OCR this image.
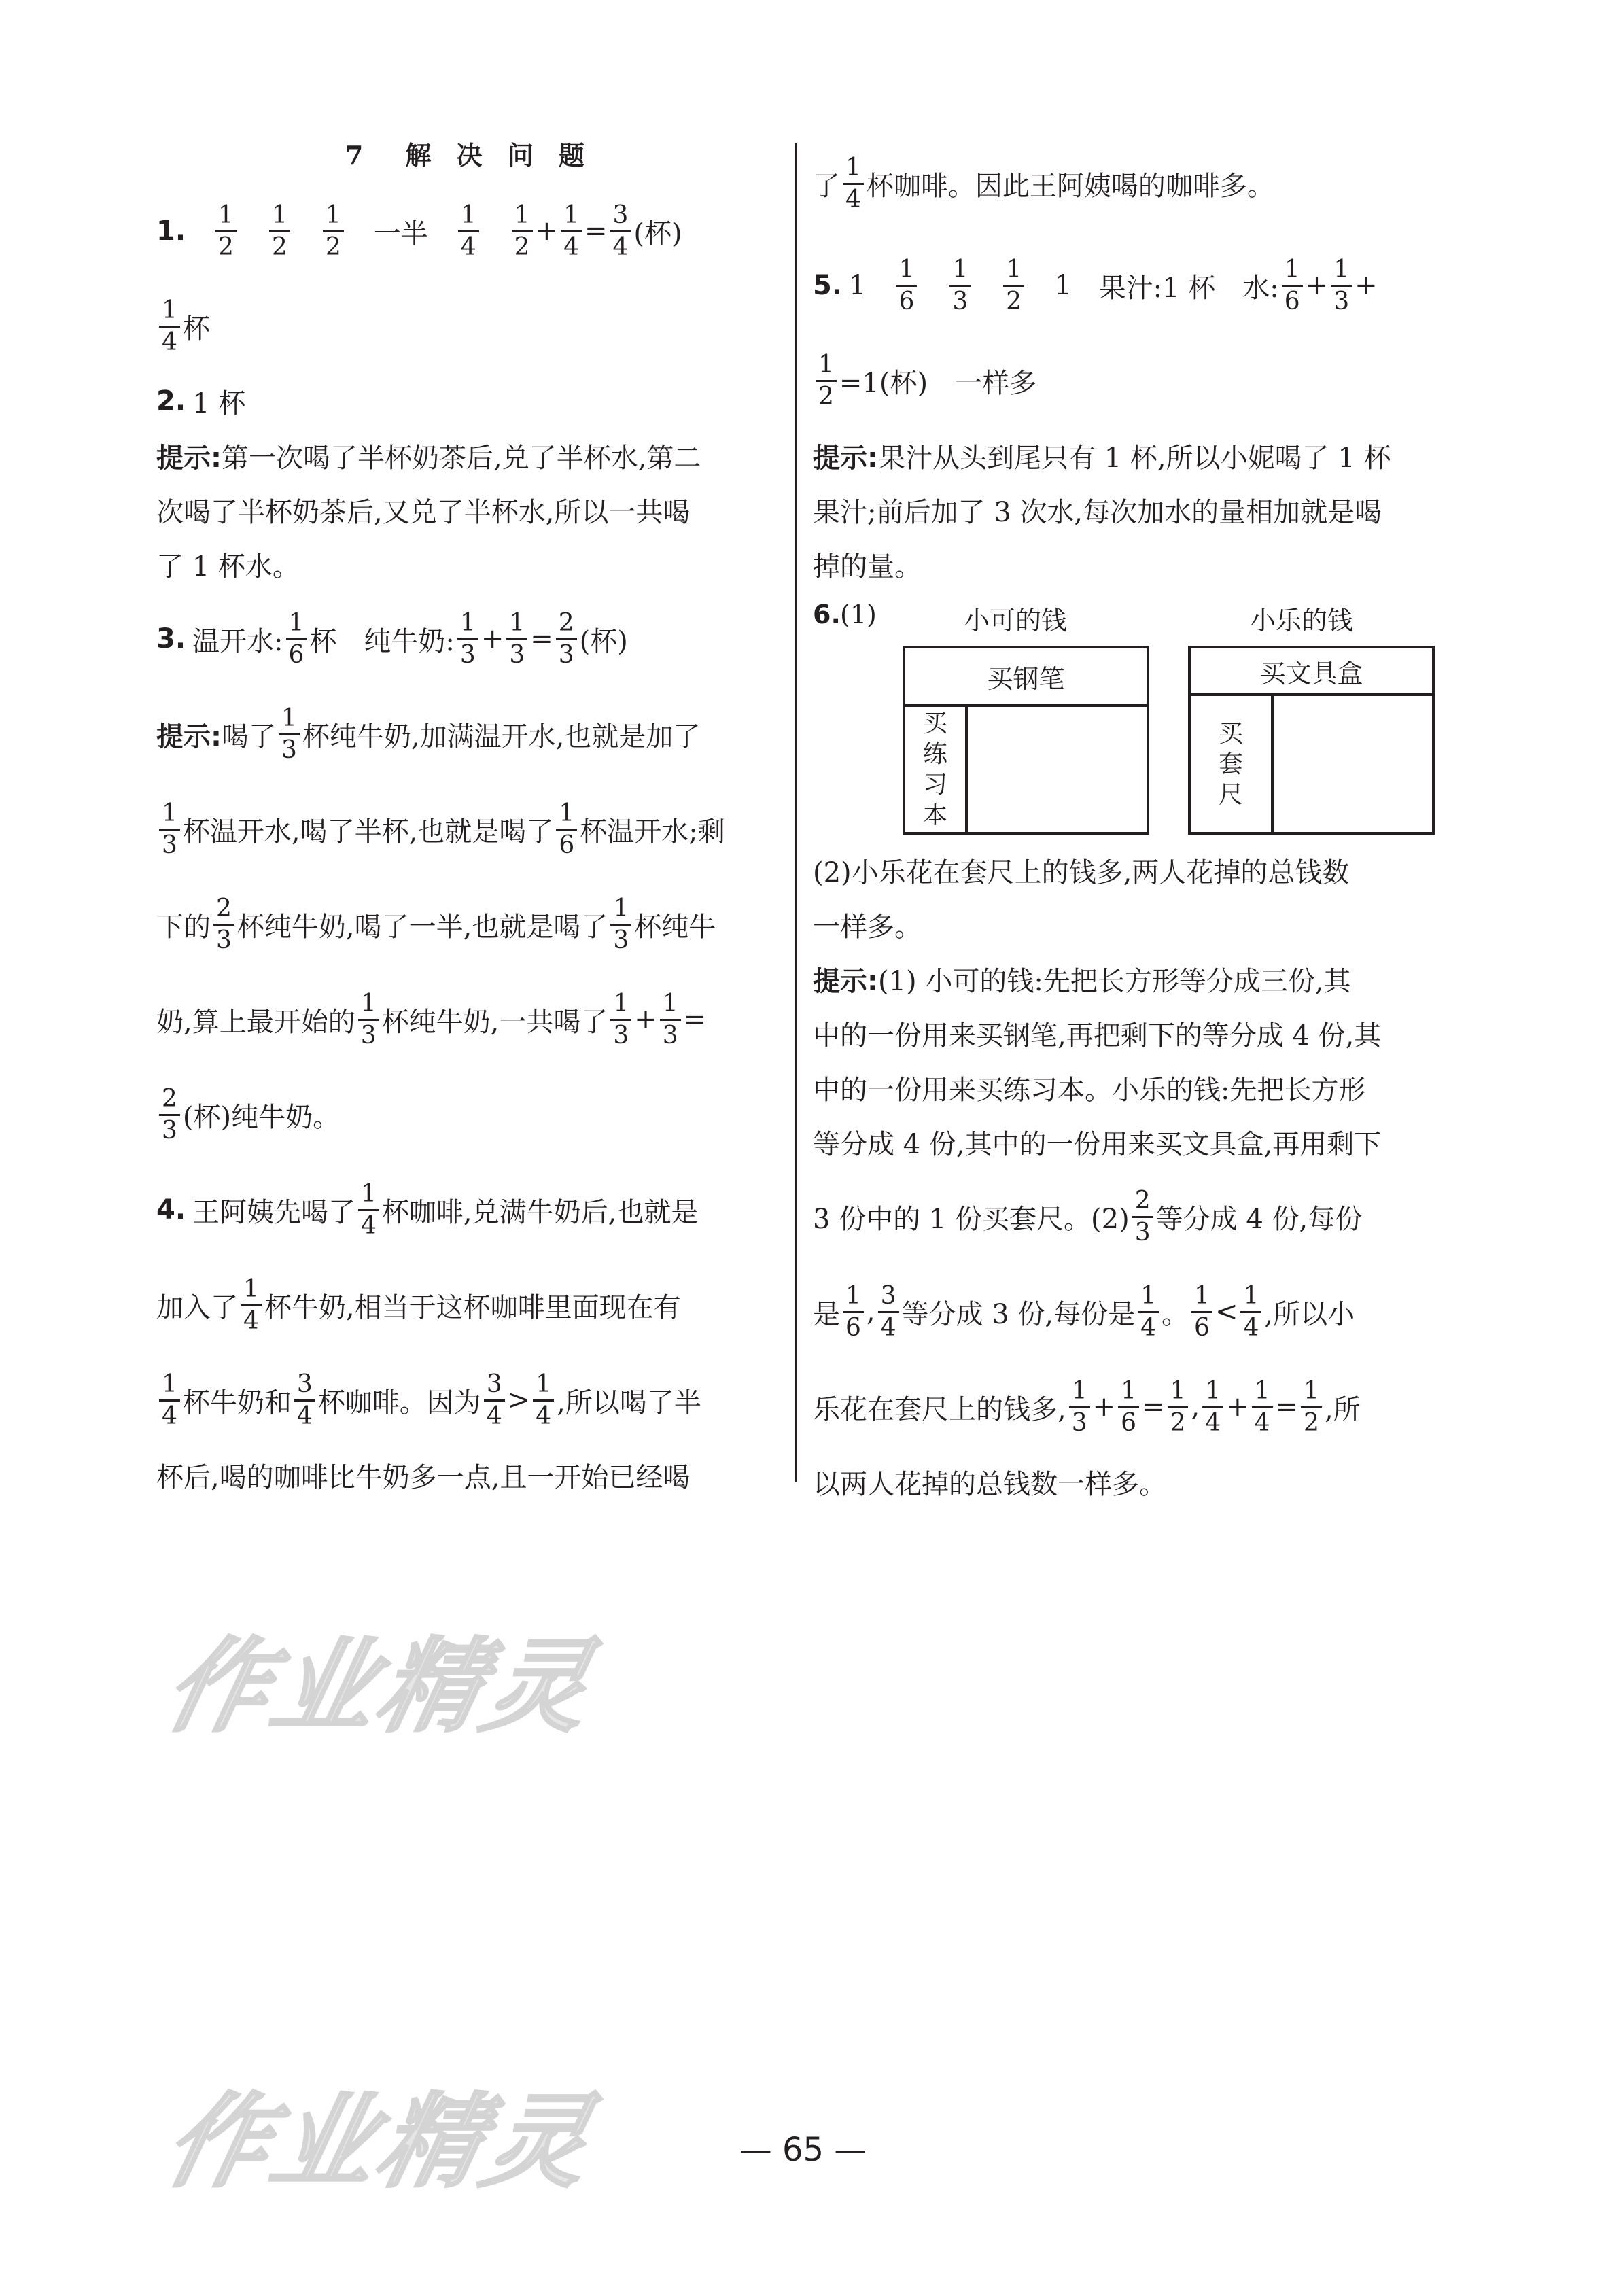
7　解 决 问 题
1. $\frac{1}{2} \frac{1}{2} \frac{1}{2}$ 一半 $\frac{1}{4} \frac{1}{2} + \frac{1}{4} = \frac{3}{4}$ (杯)
$\frac{1}{4}$ 杯
2. 1 杯
提示: 第一次喝了半杯奶茶后,兑了半杯水,第二
次喝了半杯奶茶后,又兑了半杯水,所以一共喝
了 1 杯水。
3. 温开水: $\frac{1}{6}$ 杯 纯牛奶: $\frac{1}{3} + \frac{1}{3} = \frac{2}{3}$ (杯)
提示: 喝了 $\frac{1}{3}$ 杯纯牛奶,加满温开水,也就是加了
$\frac{1}{3}$ 杯温开水,喝了半杯,也就是喝了 $\frac{1}{6}$ 杯温开水;剩
下的 $\frac{2}{3}$ 杯纯牛奶,喝了一半,也就是喝了 $\frac{1}{3}$ 杯纯牛
奶,算上最开始的 $\frac{1}{3}$ 杯纯牛奶,一共喝了 $\frac{1}{3} + \frac{1}{3}$ =
$\frac{2}{3}$ (杯)纯牛奶。
4. 王阿姨先喝了 $\frac{1}{4}$ 杯咖啡,兑满牛奶后,也就是
加入了 $\frac{1}{4}$ 杯牛奶,相当于这杯咖啡里面现在有
$\frac{1}{4}$ 杯牛奶和 $\frac{3}{4}$ 杯咖啡。因为 $\frac{3}{4} > \frac{1}{4}$ ,所以喝了半
杯后,喝的咖啡比牛奶多一点,且一开始已经喝
了 $\frac{1}{4}$ 杯咖啡。因此王阿姨喝的咖啡多。
5. $1 \frac{1}{6} \frac{1}{3} \frac{1}{2} 1$ 果汁:1 杯 水: $\frac{1}{6} + \frac{1}{3}$ +
$\frac{1}{2} =1$(杯) 一样多
提示: 果汁从头到尾只有 1 杯,所以小妮喝了 1 杯
果汁;前后加了 3 次水,每次加水的量相加就是喝
掉的量。
6. (1)	小可的钱	小乐的钱
买钢笔
买
练
习
本
买文具盒
买
套
尺
(2)小乐花在套尺上的钱多,两人花掉的总钱数
一样多。
提示: (1) 小可的钱:先把长方形等分成三份,其
中的一份用来买钢笔,再把剩下的等分成 4 份,其
中的一份用来买练习本。小乐的钱:先把长方形
等分成 4 份,其中的一份用来买文具盒,再用剩下
3 份中的 1 份买套尺。$(2) \frac{2}{3}$ 等分成 4 份,每份
是 $\frac{1}{6}$ , $\frac{3}{4}$ 等分成 3 份,每份是 $\frac{1}{4}$ 。 $\frac{1}{6} < \frac{1}{4}$ ,所以小
乐花在套尺上的钱多, $\frac{1}{3} + \frac{1}{6} = \frac{1}{2}$ , $\frac{1}{4} + \frac{1}{4} = \frac{1}{2}$ ,所
以两人花掉的总钱数一样多。
作业精灵
作业精灵	— 65 —
